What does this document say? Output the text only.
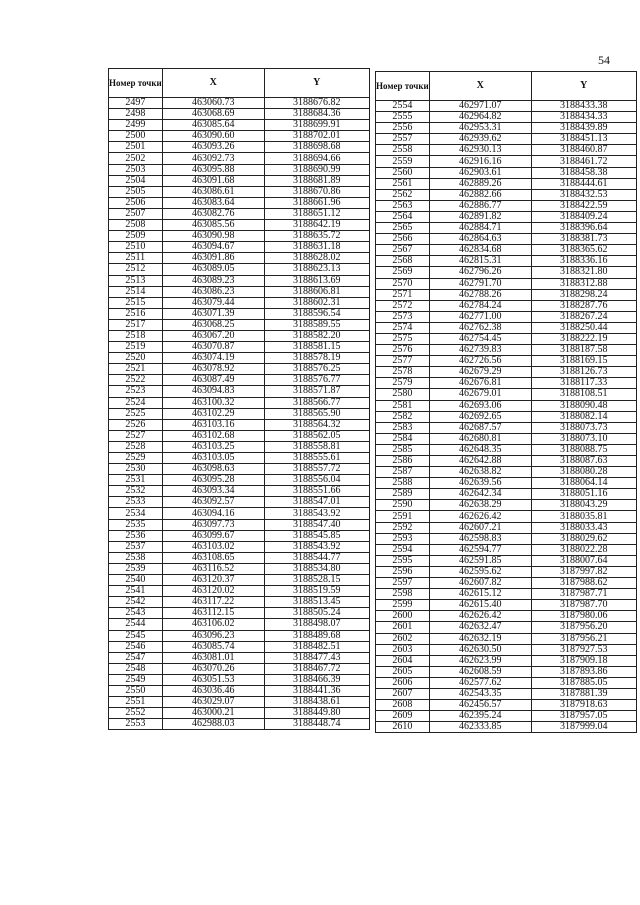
54
Номер точки	X	Y
2497	463060.73	3188676.82
2498	463068.69	3188684.36
2499	463085.64	3188699.91
2500	463090.60	3188702.01
2501	463093.26	3188698.68
2502	463092.73	3188694.66
2503	463095.88	3188690.99
2504	463091.68	3188681.89
2505	463086.61	3188670.86
2506	463083.64	3188661.96
2507	463082.76	3188651.12
2508	463085.56	3188642.19
2509	463090.98	3188635.72
2510	463094.67	3188631.18
2511	463091.86	3188628.02
2512	463089.05	3188623.13
2513	463089.23	3188613.69
2514	463086.23	3188606.81
2515	463079.44	3188602.31
2516	463071.39	3188596.54
2517	463068.25	3188589.55
2518	463067.20	3188582.20
2519	463070.87	3188581.15
2520	463074.19	3188578.19
2521	463078.92	3188576.25
2522	463087.49	3188576.77
2523	463094.83	3188571.87
2524	463100.32	3188566.77
2525	463102.29	3188565.90
2526	463103.16	3188564.32
2527	463102.68	3188562.05
2528	463103.25	3188558.81
2529	463103.05	3188555.61
2530	463098.63	3188557.72
2531	463095.28	3188556.04
2532	463093.34	3188551.66
2533	463092.57	3188547.01
2534	463094.16	3188543.92
2535	463097.73	3188547.40
2536	463099.67	3188545.85
2537	463103.02	3188543.92
2538	463108.65	3188544.77
2539	463116.52	3188534.80
2540	463120.37	3188528.15
2541	463120.02	3188519.59
2542	463117.22	3188513.45
2543	463112.15	3188505.24
2544	463106.02	3188498.07
2545	463096.23	3188489.68
2546	463085.74	3188482.51
2547	463081.01	3188477.43
2548	463070.26	3188467.72
2549	463051.53	3188466.39
2550	463036.46	3188441.36
2551	463029.07	3188438.61
2552	463000.21	3188449.80
2553	462988.03	3188448.74
Номер точки	X	Y
2554	462971.07	3188433.38
2555	462964.82	3188434.33
2556	462953.31	3188439.89
2557	462939.62	3188451.13
2558	462930.13	3188460.87
2559	462916.16	3188461.72
2560	462903.61	3188458.38
2561	462889.26	3188444.61
2562	462882.66	3188432.53
2563	462886.77	3188422.59
2564	462891.82	3188409.24
2565	462884.71	3188396.64
2566	462864.63	3188381.73
2567	462834.68	3188365.62
2568	462815.31	3188336.16
2569	462796.26	3188321.80
2570	462791.70	3188312.88
2571	462788.26	3188298.24
2572	462784.24	3188287.76
2573	462771.00	3188267.24
2574	462762.38	3188250.44
2575	462754.45	3188222.19
2576	462739.83	3188187.58
2577	462726.56	3188169.15
2578	462679.29	3188126.73
2579	462676.81	3188117.33
2580	462679.01	3188108.51
2581	462693.06	3188090.48
2582	462692.65	3188082.14
2583	462687.57	3188073.73
2584	462680.81	3188073.10
2585	462648.35	3188088.75
2586	462642.88	3188087.63
2587	462638.82	3188080.28
2588	462639.56	3188064.14
2589	462642.34	3188051.16
2590	462638.29	3188043.29
2591	462626.42	3188035.81
2592	462607.21	3188033.43
2593	462598.83	3188029.62
2594	462594.77	3188022.28
2595	462591.85	3188007.64
2596	462595.62	3187997.82
2597	462607.82	3187988.62
2598	462615.12	3187987.71
2599	462615.40	3187987.70
2600	462626.42	3187980.06
2601	462632.47	3187956.20
2602	462632.19	3187956.21
2603	462630.50	3187927.53
2604	462623.99	3187909.18
2605	462608.59	3187893.86
2606	462577.62	3187885.05
2607	462543.35	3187881.39
2608	462456.57	3187918.63
2609	462395.24	3187957.05
2610	462333.85	3187999.04
